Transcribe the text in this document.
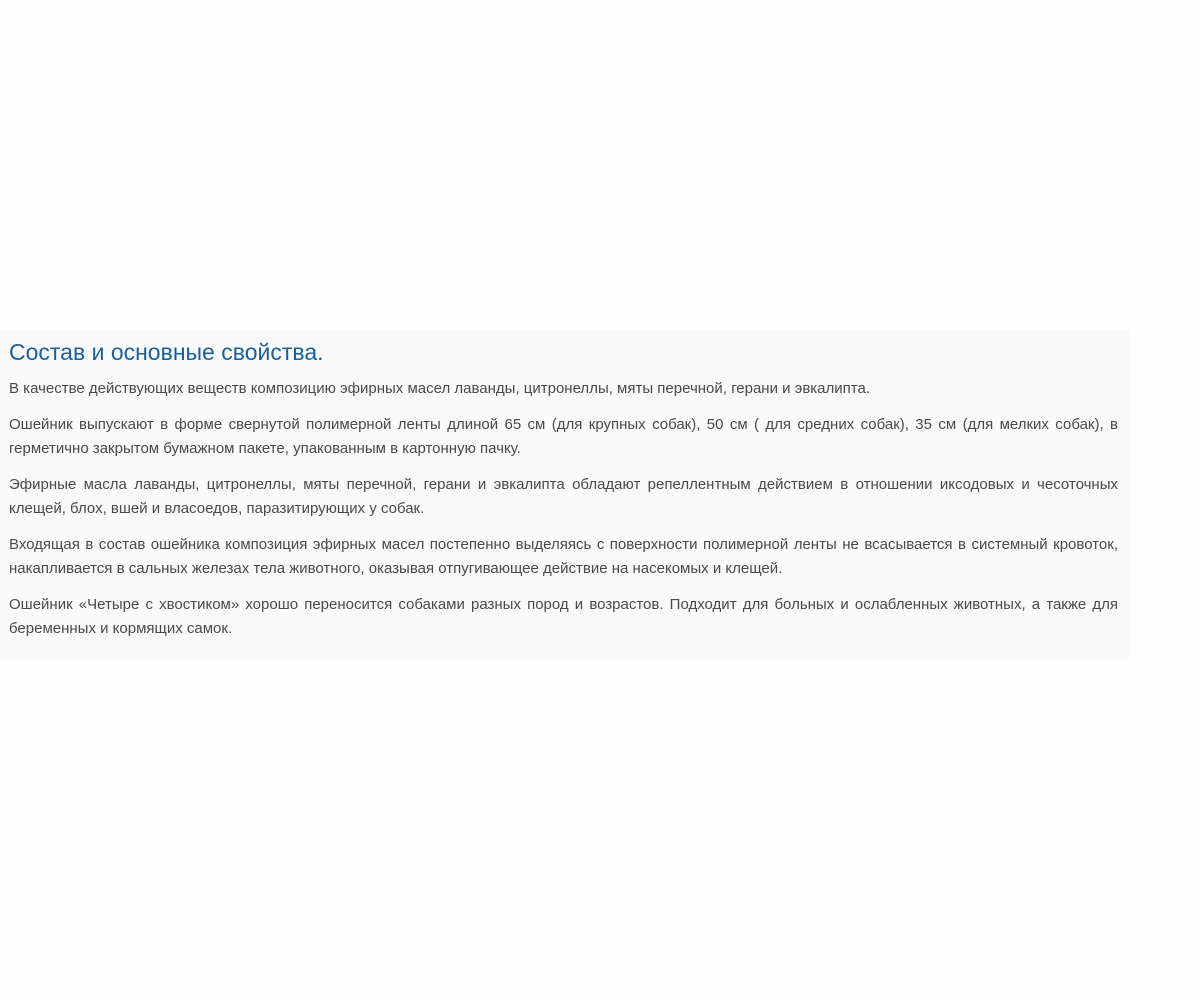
Состав и основные свойства.

В качестве действующих веществ композицию эфирных масел лаванды, цитронеллы, мяты перечной, герани и эвкалипта.

Ошейник выпускают в форме свернутой полимерной ленты длиной 65 см (для крупных собак), 50 см ( для средних собак), 35 см (для мелких собак), в герметично закрытом бумажном пакете, упакованным в картонную пачку.

Эфирные масла лаванды, цитронеллы, мяты перечной, герани и эвкалипта обладают репеллентным действием в отношении иксодовых и чесоточных клещей, блох, вшей и власоедов, паразитирующих у собак.

Входящая в состав ошейника композиция эфирных масел постепенно выделяясь с поверхности полимерной ленты не всасывается в системный кровоток, накапливается в сальных железах тела животного, оказывая отпугивающее действие на насекомых и клещей.

Ошейник «Четыре с хвостиком» хорошо переносится собаками разных пород и возрастов. Подходит для больных и ослабленных животных, а также для беременных и кормящих самок.
